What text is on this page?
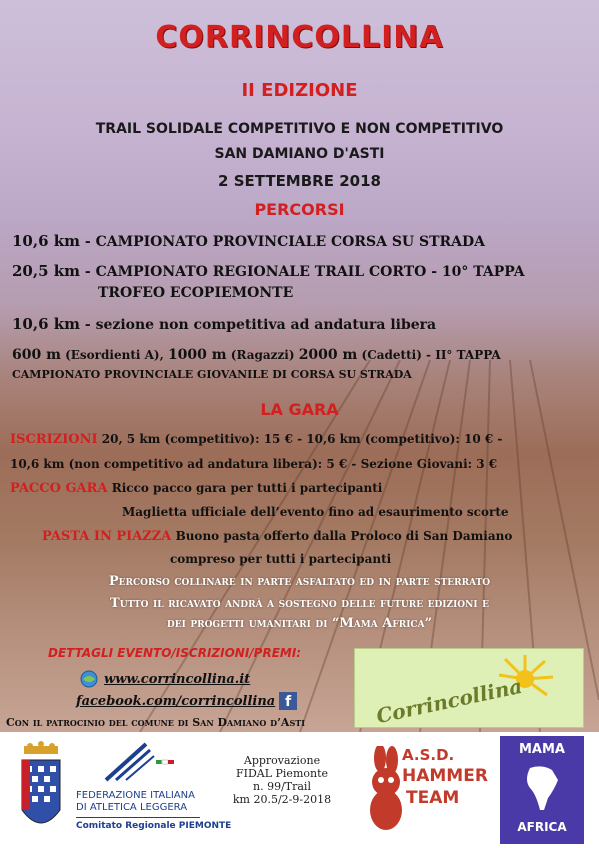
CORRINCOLLINA
II EDIZIONE
TRAIL SOLIDALE COMPETITIVO E NON COMPETITIVO
SAN DAMIANO D'ASTI
2 SETTEMBRE 2018
PERCORSI
10,6 km - CAMPIONATO PROVINCIALE CORSA SU STRADA
20,5 km - CAMPIONATO REGIONALE TRAIL CORTO - 10° TAPPA
TROFEO ECOPIEMONTE
10,6 km - sezione non competitiva ad andatura libera
600 m (Esordienti A), 1000 m (Ragazzi) 2000 m (Cadetti) - II° TAPPA
CAMPIONATO PROVINCIALE GIOVANILE DI CORSA SU STRADA
LA GARA
ISCRIZIONI 20, 5 km (competitivo): 15 € - 10,6 km (competitivo): 10 € -
10,6 km (non competitivo ad andatura libera): 5 € - Sezione Giovani: 3 €
PACCO GARA Ricco pacco gara per tutti i partecipanti
Maglietta ufficiale dell’evento fino ad esaurimento scorte
PASTA IN PIAZZA Buono pasta offerto dalla Proloco di San Damiano
compreso per tutti i partecipanti
Percorso collinare in parte asfaltato ed in parte sterrato
Tutto il ricavato andrà a sostegno delle future edizioni e
dei progetti umanitari di “Mama Africa”
DETTAGLI EVENTO/ISCRIZIONI/PREMI:
www.corrincollina.it
facebook.com/corrincollina f
Con il patrocinio del comune di San Damiano d’Asti	Corrincollina
FEDERAZIONE ITALIANA
DI ATLETICA LEGGERA
Comitato Regionale PIEMONTE
Approvazione
FIDAL Piemonte
n. 99/Trail
km 20.5/2-9-2018
A.S.D.
HAMMER
TEAM
MAMA
AFRICA
